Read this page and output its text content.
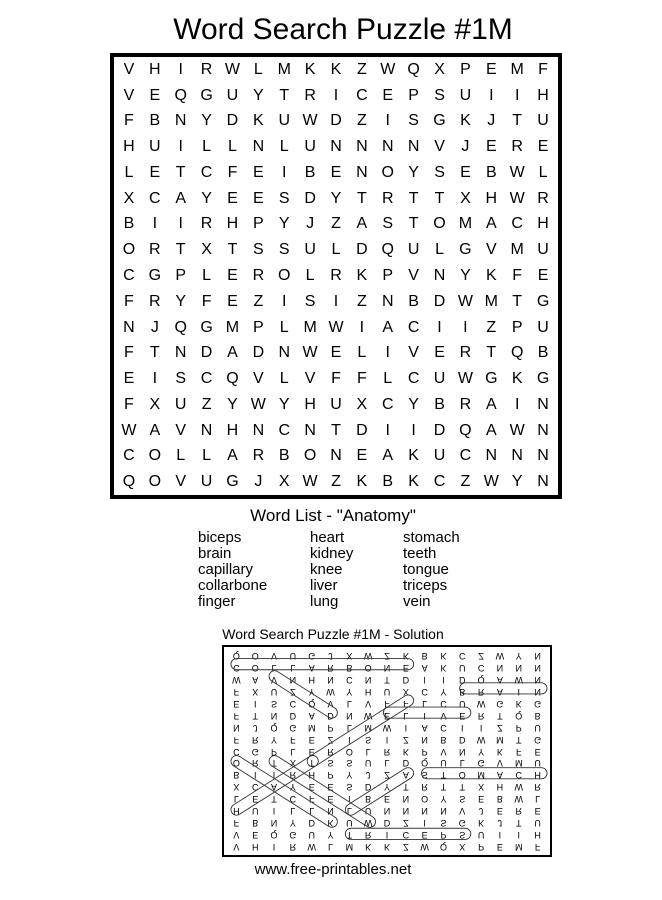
Word Search Puzzle #1M
V H	I	R W L M K K Z W Q X P E M F
V E Q G U Y T R	I	C E P S U	I	I	H
F B N Y D K U W D Z	I	S G K	J	T U
H U	I	L	L N L U N N N N V	J	E R E
L	E T C F E	I	B E N O Y S E B W L
X C A Y E E S D Y T R T	T X H W R
B	I	I	R H P Y	J	Z A S T O M A C H
O R T X T S S U L D Q U L G V M U
C G P	L	E R O L R K P V N Y K F E
F R Y F E Z	I	S	I	Z N B D W M T G
N	J Q G M P	L M W	I	A C	I	I	Z P U
F	T N D A D N W E	L	I	V E R T Q B
E	I	S C Q V	L	V F	F	L C U W G K G
F X U Z Y W Y H U X C Y B R A	I	N
W A V N H N C N T D	I	I	D Q A W N
C O L	L	A R B O N E A K U C N N N
Q O V U G J	X W Z K B K C Z W Y N
Word List - "Anatomy"
biceps
brain
capillary
collarbone
finger
heart
kidney
knee
liver
lung
stomach
teeth
tongue
triceps
vein
Word Search Puzzle #1M - Solution
V	H	I	R	W	L	M	K	K	Z	W	Q	X	P	E	M	F
V	E	Q	G	U	Y	T	R	I	C	E	P	S	U	I	I	H
F	B	N	Y	D	K	U	W	D	Z	I	S	G	K	J	T	U
H	U	I	L	L	N	L	U	N	N	N	N	V	J	E	R	E
L	E	T	C	F	E	I	B	E	N	O	Y	S	E	B	W	L
X	C	A	Y	E	E	S	D	Y	T	R	T	T	X	H	W	R
B	I	I	R	H	P	Y	J	Z	A	S	T	O	M	A	C	H
O	R	T	X	T	S	S	U	L	D	Q	U	L	G	V	M	U
C	G	P	L	E	R	O	L	R	K	P	V	N	Y	K	F	E
F	R	Y	F	E	Z	I	S	I	Z	N	B	D	W	M	T	G
N	J	Q	G	M	P	L	M	W	I	A	C	I	I	Z	P	U
F	T	N	D	A	D	N	W	E	L	I	V	E	R	T	Q	B
E	I	S	C	Q	V	L	V	F	F	L	C	U	W	G	K	G
F	X	U	Z	Y	W	Y	H	U	X	C	Y	B	R	A	I	N
W	A	V	N	H	N	C	N	T	D	I	I	D	Q	A	W	N
C	O	L	L	A	R	B	O	N	E	A	K	U	C	N	N	N
Q	O	V	U	G	J	X	W	Z	K	B	K	C	Z	W	Y	N
www.free-printables.net
